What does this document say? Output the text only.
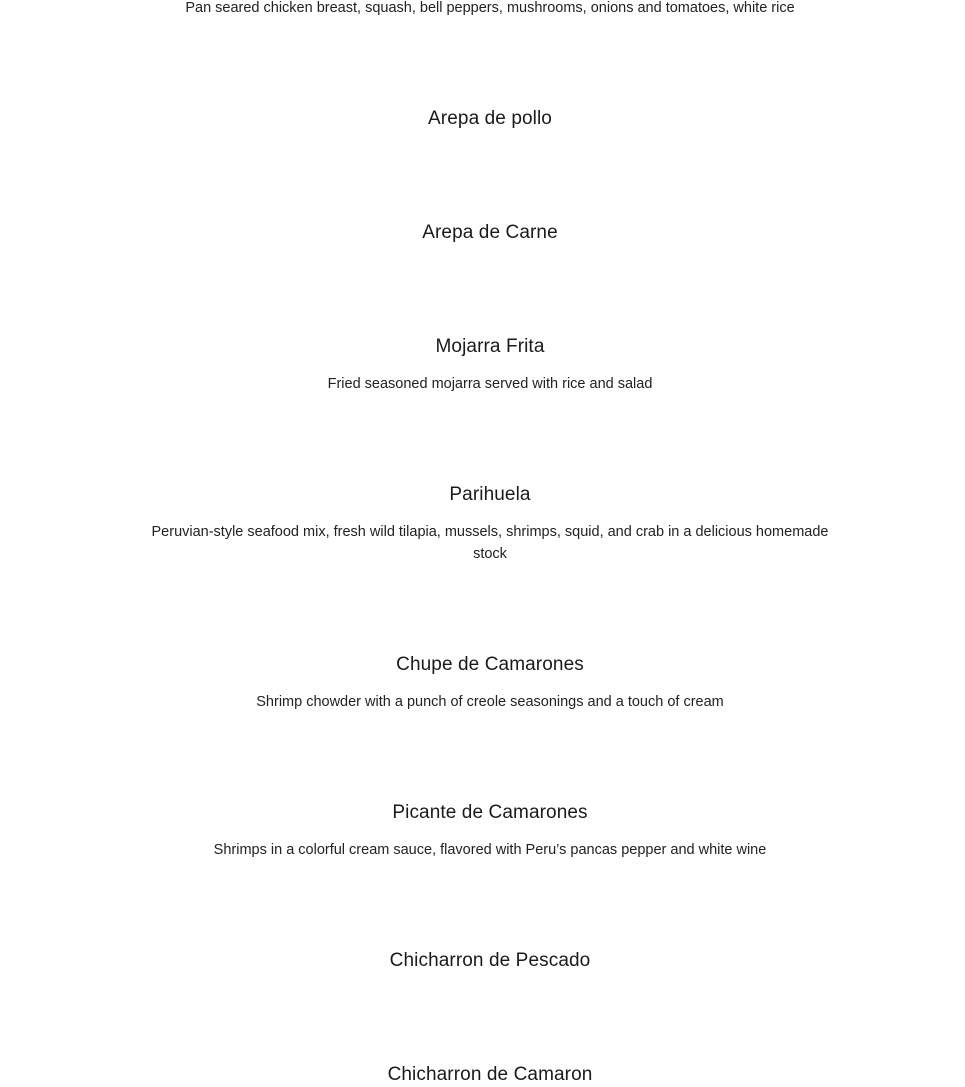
Pan seared chicken breast, squash, bell peppers, mushrooms, onions and tomatoes, white rice
Arepa de pollo
Arepa de Carne
Mojarra Frita
Fried seasoned mojarra served with rice and salad
Parihuela
Peruvian-style seafood mix, fresh wild tilapia, mussels, shrimps, squid, and crab in a delicious homemade stock
Chupe de Camarones
Shrimp chowder with a punch of creole seasonings and a touch of cream
Picante de Camarones
Shrimps in a colorful cream sauce, flavored with Peru’s pancas pepper and white wine
Chicharron de Pescado
Chicharron de Camaron
